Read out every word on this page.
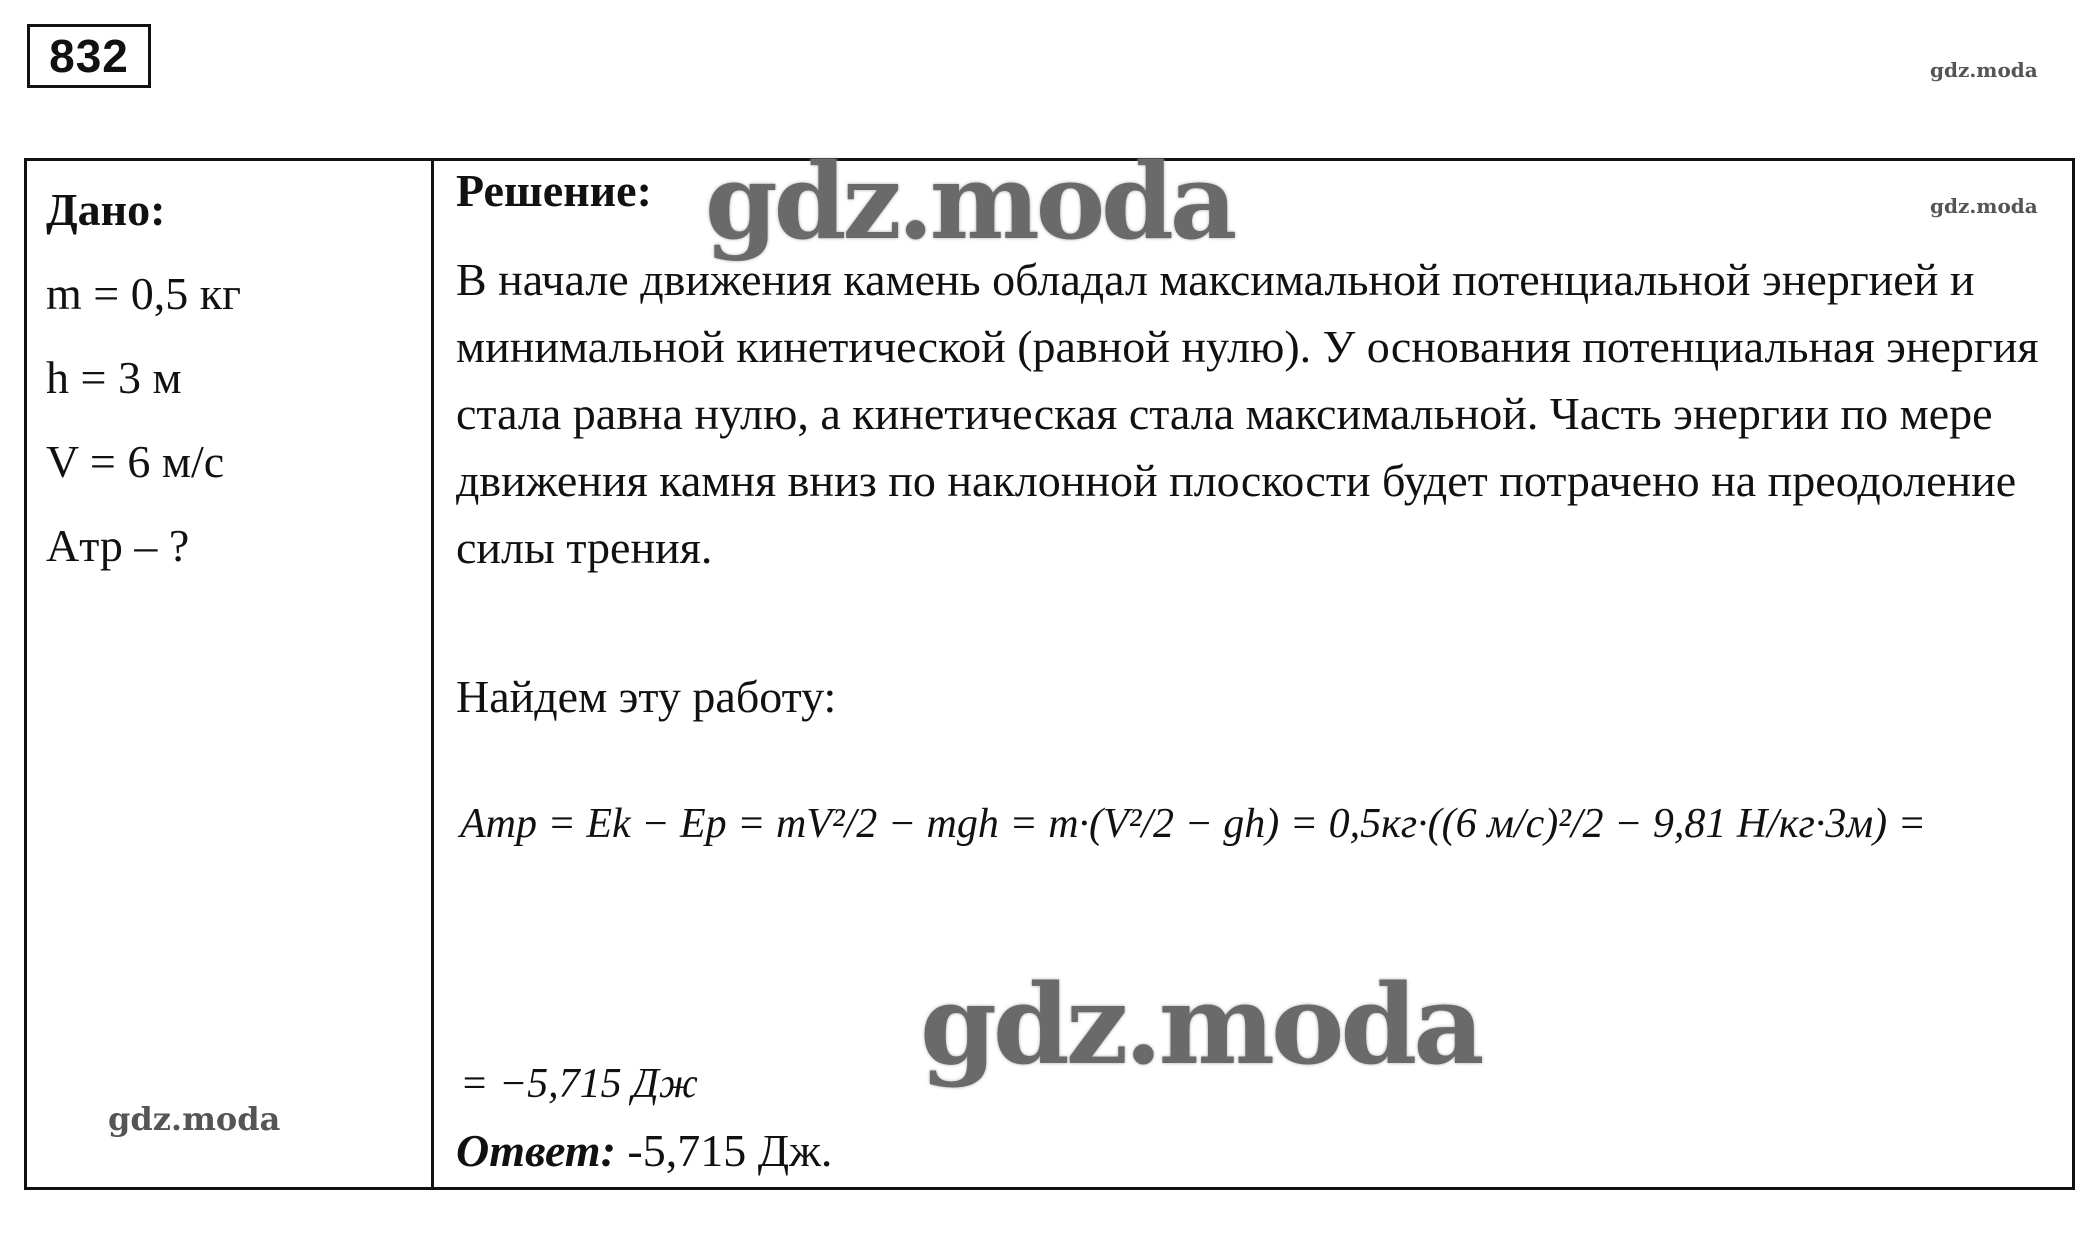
832	gdz.moda
Дано:
m = 0,5 кг
h = 3 м
V = 6 м/с
Aтр – ?
Решение: gdz.moda	gdz.moda
В начале движения камень обладал максимальной потенциальной энергией и минимальной кинетической (равной нулю). У основания потенциальная энергия стала равна нулю, а кинетическая стала максимальной. Часть энергии по мере движения камня вниз по наклонной плоскости будет потрачено на преодоление силы трения.
Найдем эту работу:
Aтр = Ek − Ep = mV²/2 − mgh = m·(V²/2 − gh) = 0,5кг·((6 м/с)²/2 − 9,81 Н/кг·3м) =
gdz.moda
= −5,715 Дж
gdz.moda
Ответ: -5,715 Дж.
